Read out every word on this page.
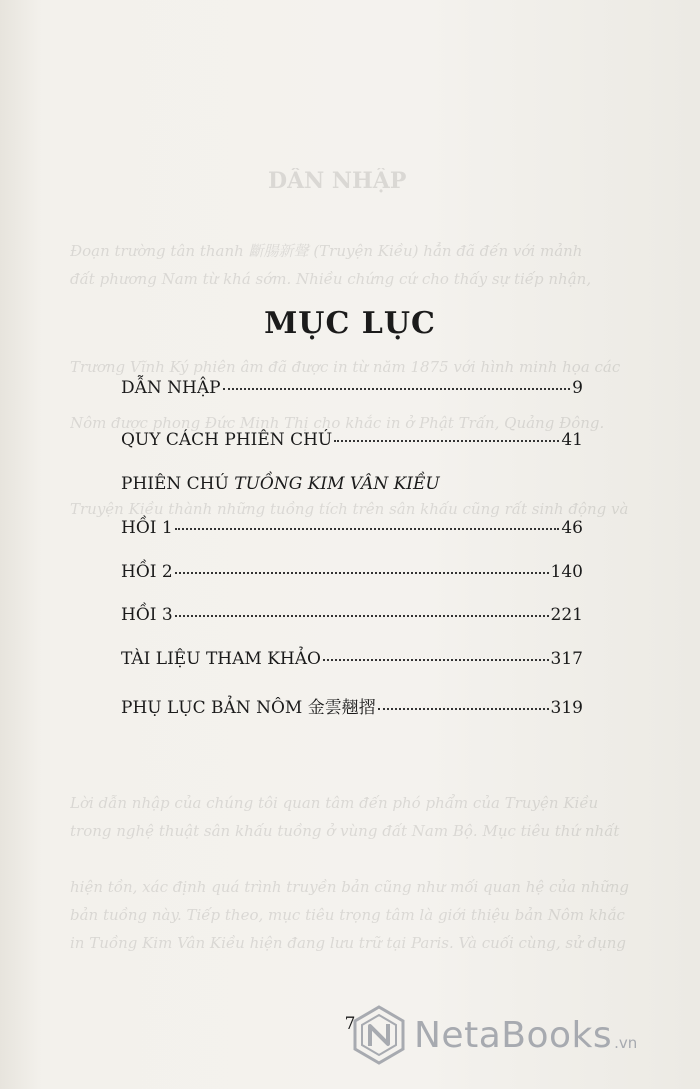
DẪN NHẬP
Đoạn trường tân thanh 斷腸新聲 (Truyện Kiều) hẳn đã đến với mảnh
đất phương Nam từ khá sớm. Nhiều chứng cứ cho thấy sự tiếp nhận,
Trương Vĩnh Ký phiên âm đã được in từ năm 1875 với hình minh họa các
Nôm được phong Đức Minh Thị cho khắc in ở Phật Trấn, Quảng Đông.
Truyện Kiều thành những tuồng tích trên sân khấu cũng rất sinh động và
Lời dẫn nhập của chúng tôi quan tâm đến phó phẩm của Truyện Kiều
trong nghệ thuật sân khấu tuồng ở vùng đất Nam Bộ. Mục tiêu thứ nhất
hiện tồn, xác định quá trình truyền bản cũng như mối quan hệ của những
bản tuồng này. Tiếp theo, mục tiêu trọng tâm là giới thiệu bản Nôm khắc
in Tuồng Kim Vân Kiều hiện đang lưu trữ tại Paris. Và cuối cùng, sử dụng
MỤC LỤC
DẪN NHẬP	9
QUY CÁCH PHIÊN CHÚ	41
PHIÊN CHÚ TUỒNG KIM VÂN KIỀU
HỒI 1	46
HỒI 2	140
HỒI 3	221
TÀI LIỆU THAM KHẢO	317
PHỤ LỤC BẢN NÔM 金雲翹摺	319
7	NetaBooks .vn
